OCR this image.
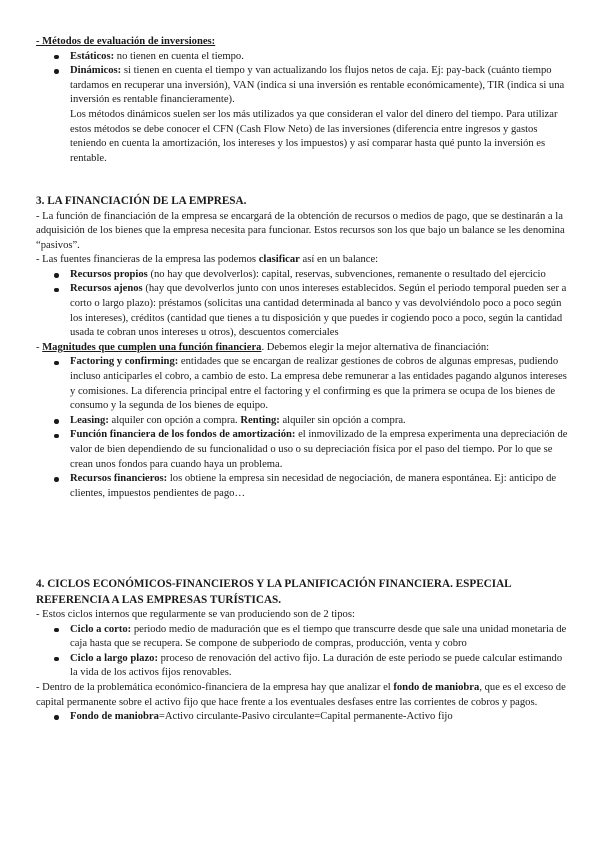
- Métodos de evaluación de inversiones:

Estáticos: no tienen en cuenta el tiempo.
Dinámicos: si tienen en cuenta el tiempo y van actualizando los flujos netos de caja. Ej: pay-back (cuánto tiempo tardamos en recuperar una inversión), VAN (indica si una inversión es rentable económicamente), TIR (indica si una inversión es rentable financieramente).

Los métodos dinámicos suelen ser los más utilizados ya que consideran el valor del dinero del tiempo. Para utilizar estos métodos se debe conocer el CFN (Cash Flow Neto) de las inversiones (diferencia entre ingresos y gastos teniendo en cuenta la amortización, los intereses y los impuestos) y así comparar hasta qué punto la inversión es rentable.

3. LA FINANCIACIÓN DE LA EMPRESA.

- La función de financiación de la empresa se encargará de la obtención de recursos o medios de pago, que se destinarán a la adquisición de los bienes que la empresa necesita para funcionar. Estos recursos son los que bajo un balance se les denomina “pasivos”.

- Las fuentes financieras de la empresa las podemos clasificar así en un balance:

Recursos propios (no hay que devolverlos): capital, reservas, subvenciones, remanente o resultado del ejercicio
Recursos ajenos (hay que devolverlos junto con unos intereses establecidos. Según el periodo temporal pueden ser a corto o largo plazo): préstamos (solicitas una cantidad determinada al banco y vas devolviéndolo poco a poco según los intereses), créditos (cantidad que tienes a tu disposición y que puedes ir cogiendo poco a poco, según la cantidad usada te cobran unos intereses u otros), descuentos comerciales

- Magnitudes que cumplen una función financiera. Debemos elegir la mejor alternativa de financiación:

Factoring y confirming: entidades que se encargan de realizar gestiones de cobros de algunas empresas, pudiendo incluso anticiparles el cobro, a cambio de esto. La empresa debe remunerar a las entidades pagando algunos intereses y comisiones. La diferencia principal entre el factoring y el confirming es que la primera se ocupa de los bienes de consumo y la segunda de los bienes de equipo.
Leasing: alquiler con opción a compra. Renting: alquiler sin opción a compra.
Función financiera de los fondos de amortización: el inmovilizado de la empresa experimenta una depreciación de valor de bien dependiendo de su funcionalidad o uso o su depreciación física por el paso del tiempo. Por lo que se crean unos fondos para cuando haya un problema.
Recursos financieros: los obtiene la empresa sin necesidad de negociación, de manera espontánea. Ej: anticipo de clientes, impuestos pendientes de pago…

4. CICLOS ECONÓMICOS-FINANCIEROS Y LA PLANIFICACIÓN FINANCIERA. ESPECIAL REFERENCIA A LAS EMPRESAS TURÍSTICAS.

- Estos ciclos internos que regularmente se van produciendo son de 2 tipos:

Ciclo a corto: periodo medio de maduración que es el tiempo que transcurre desde que sale una unidad monetaria de caja hasta que se recupera. Se compone de subperiodo de compras, producción, venta y cobro
Ciclo a largo plazo: proceso de renovación del activo fijo. La duración de este periodo se puede calcular estimando la vida de los activos fijos renovables.

- Dentro de la problemática económico-financiera de la empresa hay que analizar el fondo de maniobra, que es el exceso de capital permanente sobre el activo fijo que hace frente a los eventuales desfases entre las corrientes de cobros y pagos.

Fondo de maniobra=Activo circulante-Pasivo circulante=Capital permanente-Activo fijo
